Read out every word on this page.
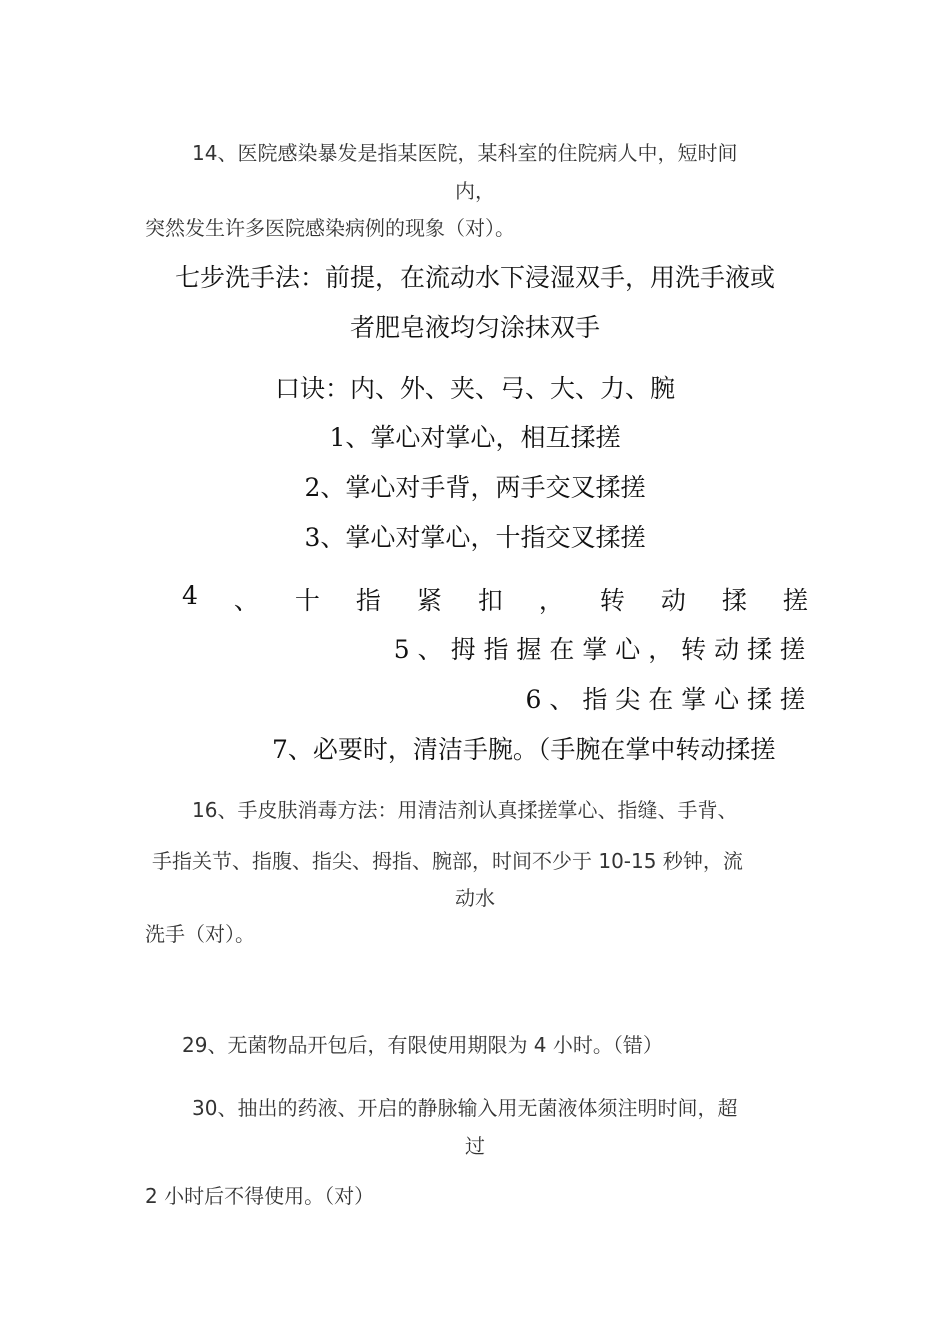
14、医院感染暴发是指某医院，某科室的住院病人中，短时间
内，
突然发生许多医院感染病例的现象（对）。
七步洗手法：前提，在流动水下浸湿双手，用洗手液或
者肥皂液均匀涂抹双手
口诀：内、外、夹、弓、大、力、腕
1、掌心对掌心，相互揉搓
2、掌心对手背，两手交叉揉搓
3、掌心对掌心，十指交叉揉搓
4 、 十 指 紧 扣 ， 转 动 揉 搓
5 、 拇 指 握 在 掌 心 ， 转 动 揉 搓
6 、 指 尖 在 掌 心 揉 搓
7、必要时，清洁手腕。（手腕在掌中转动揉搓
16、手皮肤消毒方法：用清洁剂认真揉搓掌心、指缝、手背、
手指关节、指腹、指尖、拇指、腕部，时间不少于 10-15 秒钟，流
动水
洗手（对）。
29、无菌物品开包后，有限使用期限为 4 小时。（错）
30、抽出的药液、开启的静脉输入用无菌液体须注明时间，超
过
2 小时后不得使用。（对）
